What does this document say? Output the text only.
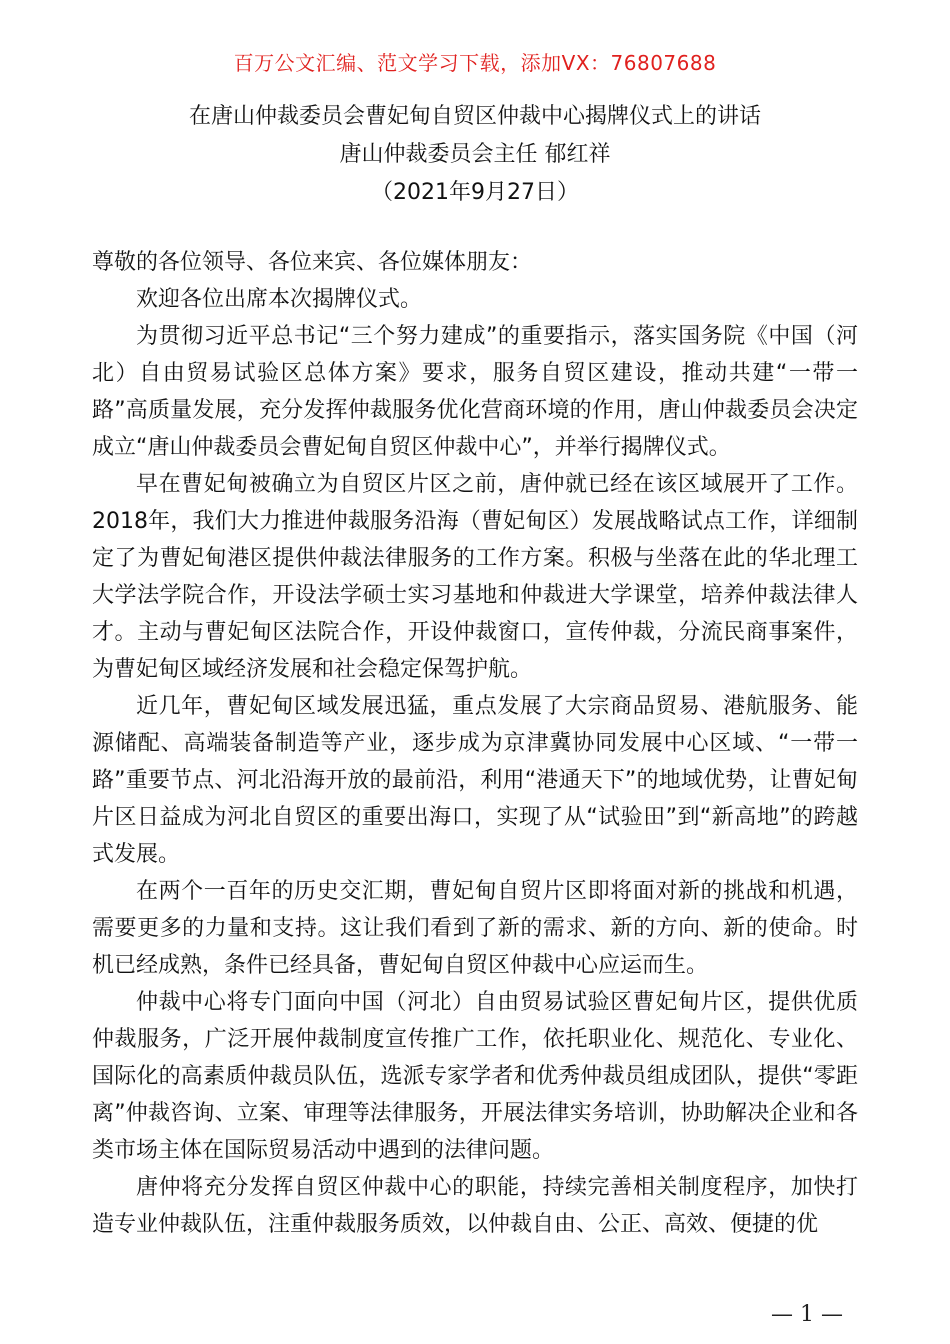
百万公文汇编、范文学习下载，添加VX：76807688
在唐山仲裁委员会曹妃甸自贸区仲裁中心揭牌仪式上的讲话
唐山仲裁委员会主任 郁红祥
（2021年9月27日）

尊敬的各位领导、各位来宾、各位媒体朋友：

欢迎各位出席本次揭牌仪式。

为贯彻习近平总书记“三个努力建成”的重要指示，落实国务院《中国（河北）自由贸易试验区总体方案》要求，服务自贸区建设，推动共建“一带一路”高质量发展，充分发挥仲裁服务优化营商环境的作用，唐山仲裁委员会决定成立“唐山仲裁委员会曹妃甸自贸区仲裁中心”，并举行揭牌仪式。

早在曹妃甸被确立为自贸区片区之前，唐仲就已经在该区域展开了工作。2018年，我们大力推进仲裁服务沿海（曹妃甸区）发展战略试点工作，详细制定了为曹妃甸港区提供仲裁法律服务的工作方案。积极与坐落在此的华北理工大学法学院合作，开设法学硕士实习基地和仲裁进大学课堂，培养仲裁法律人才。主动与曹妃甸区法院合作，开设仲裁窗口，宣传仲裁，分流民商事案件，为曹妃甸区域经济发展和社会稳定保驾护航。

近几年，曹妃甸区域发展迅猛，重点发展了大宗商品贸易、港航服务、能源储配、高端装备制造等产业，逐步成为京津冀协同发展中心区域、“一带一路”重要节点、河北沿海开放的最前沿，利用“港通天下”的地域优势，让曹妃甸片区日益成为河北自贸区的重要出海口，实现了从“试验田”到“新高地”的跨越式发展。

在两个一百年的历史交汇期，曹妃甸自贸片区即将面对新的挑战和机遇，需要更多的力量和支持。这让我们看到了新的需求、新的方向、新的使命。时机已经成熟，条件已经具备，曹妃甸自贸区仲裁中心应运而生。

仲裁中心将专门面向中国（河北）自由贸易试验区曹妃甸片区，提供优质仲裁服务，广泛开展仲裁制度宣传推广工作，依托职业化、规范化、专业化、国际化的高素质仲裁员队伍，选派专家学者和优秀仲裁员组成团队，提供“零距离”仲裁咨询、立案、审理等法律服务，开展法律实务培训，协助解决企业和各类市场主体在国际贸易活动中遇到的法律问题。

唐仲将充分发挥自贸区仲裁中心的职能，持续完善相关制度程序，加快打造专业仲裁队伍，注重仲裁服务质效，以仲裁自由、公正、高效、便捷的优

— 1 —
